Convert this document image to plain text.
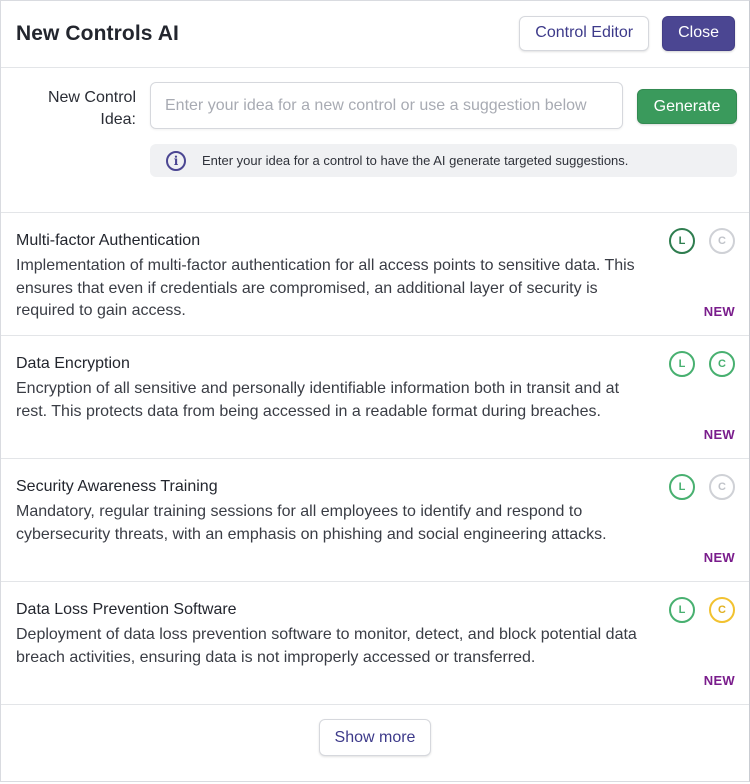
New Controls AI	Control Editor	Close
New Control Idea:
Enter your idea for a new control or use a suggestion below
Generate
i	Enter your idea for a control to have the AI generate targeted suggestions.
Multi-factor Authentication
Implementation of multi-factor authentication for all access points to sensitive data. This ensures that even if credentials are compromised, an additional layer of security is required to gain access.
L	C
NEW
Data Encryption
Encryption of all sensitive and personally identifiable information both in transit and at rest. This protects data from being accessed in a readable format during breaches.
L	C
NEW
Security Awareness Training
Mandatory, regular training sessions for all employees to identify and respond to cybersecurity threats, with an emphasis on phishing and social engineering attacks.
L	C
NEW
Data Loss Prevention Software
Deployment of data loss prevention software to monitor, detect, and block potential data breach activities, ensuring data is not improperly accessed or transferred.
L	C
NEW
Show more
